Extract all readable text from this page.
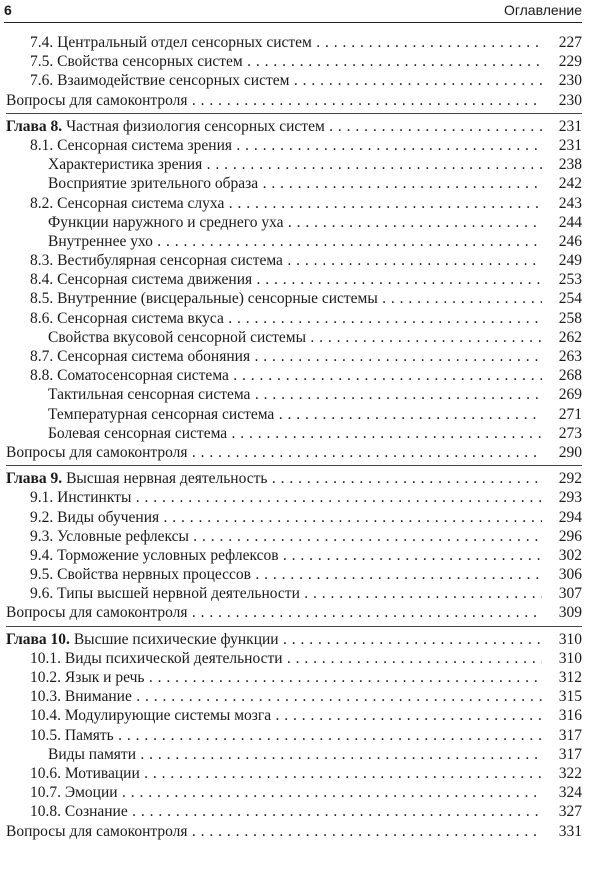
6	Оглавление
7.4. Центральный отдел сенсорных систем . . .	227
7.5. Свойства сенсорных систем . . .	229
7.6. Взаимодействие сенсорных систем . . .	230
Вопросы для самоконтроля . . .	230
Глава 8. Частная физиология сенсорных систем . . .	231
8.1. Сенсорная система зрения . . .	231
Характеристика зрения . . .	238
Восприятие зрительного образа . . .	242
8.2. Сенсорная система слуха . . .	243
Функции наружного и среднего уха . . .	244
Внутреннее ухо . . .	246
8.3. Вестибулярная сенсорная система . . .	249
8.4. Сенсорная система движения . . .	253
8.5. Внутренние (висцеральные) сенсорные системы . . .	254
8.6. Сенсорная система вкуса . . .	258
Свойства вкусовой сенсорной системы . . .	262
8.7. Сенсорная система обоняния . . .	263
8.8. Соматосенсорная система . . .	268
Тактильная сенсорная система . . .	269
Температурная сенсорная система . . .	271
Болевая сенсорная система . . .	273
Вопросы для самоконтроля . . .	290
Глава 9. Высшая нервная деятельность . . .	292
9.1. Инстинкты . . .	293
9.2. Виды обучения . . .	294
9.3. Условные рефлексы . . .	296
9.4. Торможение условных рефлексов . . .	302
9.5. Свойства нервных процессов . . .	306
9.6. Типы высшей нервной деятельности . . .	307
Вопросы для самоконтроля . . .	309
Глава 10. Высшие психические функции . . .	310
10.1. Виды психической деятельности . . .	310
10.2. Язык и речь . . .	312
10.3. Внимание . . .	315
10.4. Модулирующие системы мозга . . .	316
10.5. Память . . .	317
Виды памяти . . .	317
10.6. Мотивации . . .	322
10.7. Эмоции . . .	324
10.8. Сознание . . .	327
Вопросы для самоконтроля . . .	331
